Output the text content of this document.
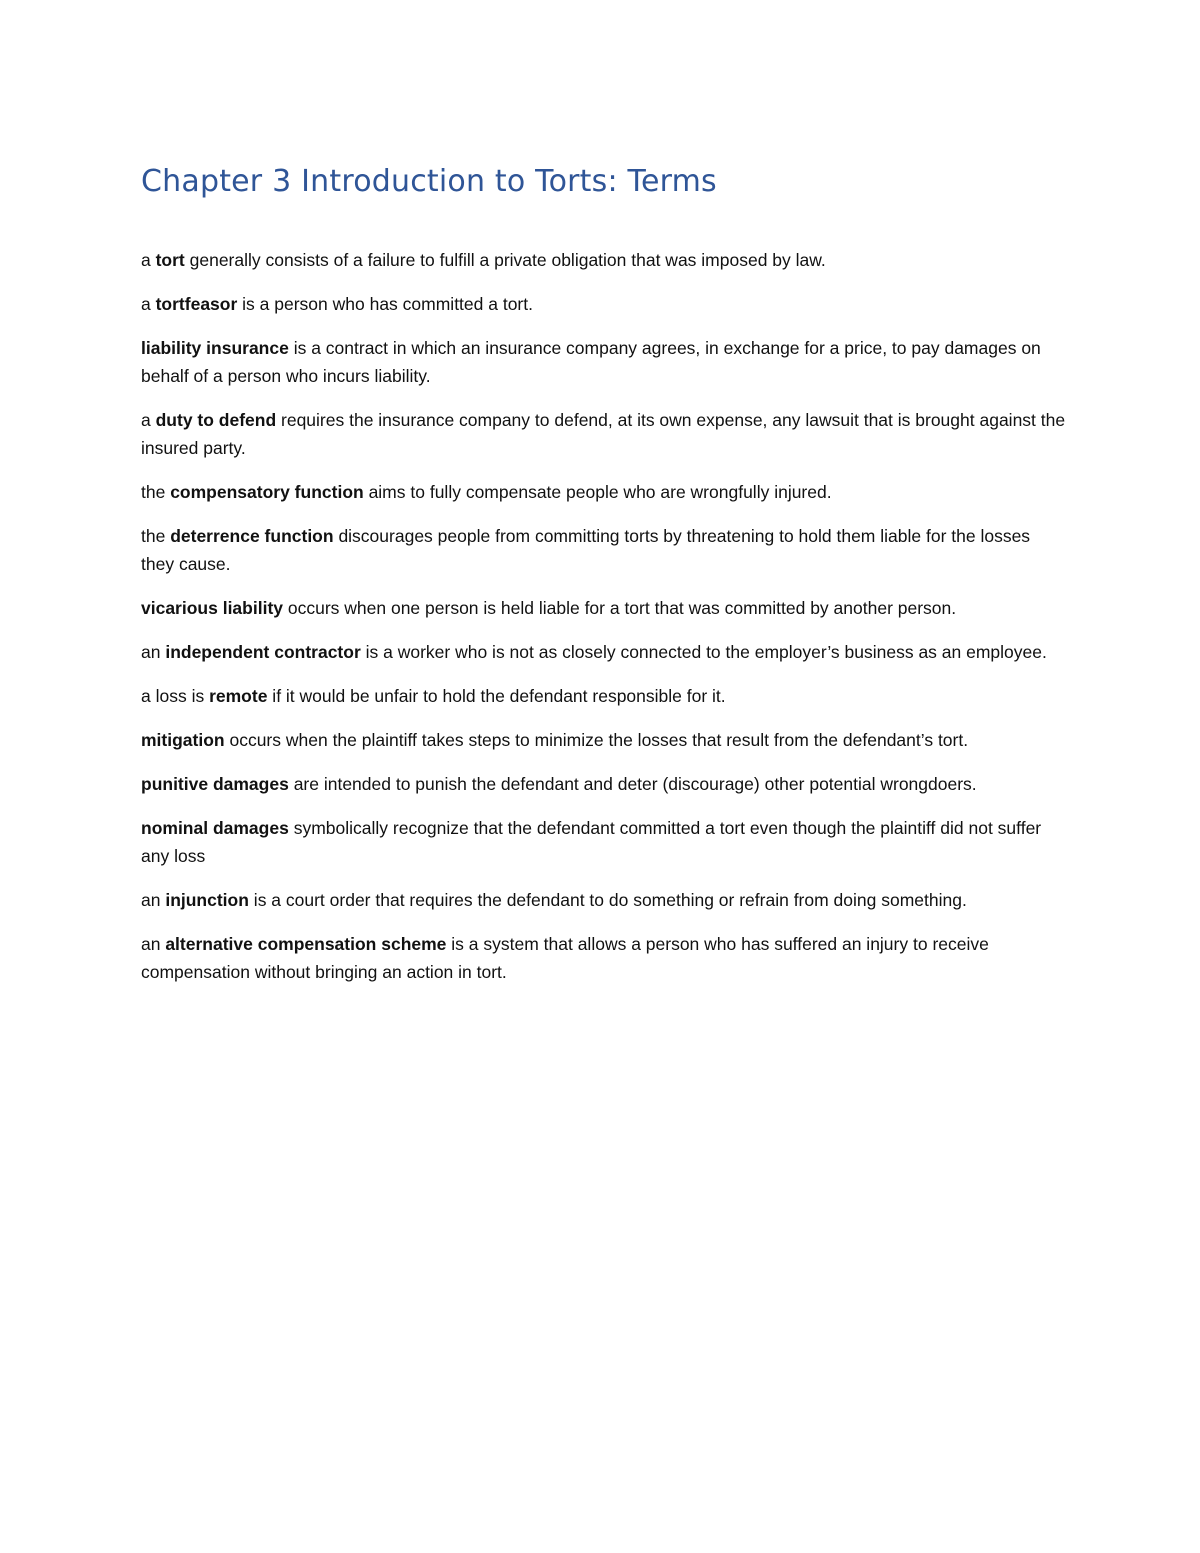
Chapter 3 Introduction to Torts: Terms

a tort generally consists of a failure to fulfill a private obligation that was imposed by law.

a tortfeasor is a person who has committed a tort.

liability insurance is a contract in which an insurance company agrees, in exchange for a price, to pay damages on behalf of a person who incurs liability.

a duty to defend requires the insurance company to defend, at its own expense, any lawsuit that is brought against the insured party.

the compensatory function aims to fully compensate people who are wrongfully injured.

the deterrence function discourages people from committing torts by threatening to hold them liable for the losses they cause.

vicarious liability occurs when one person is held liable for a tort that was committed by another person.

an independent contractor is a worker who is not as closely connected to the employer’s business as an employee.

a loss is remote if it would be unfair to hold the defendant responsible for it.

mitigation occurs when the plaintiff takes steps to minimize the losses that result from the defendant’s tort.

punitive damages are intended to punish the defendant and deter (discourage) other potential wrongdoers.

nominal damages symbolically recognize that the defendant committed a tort even though the plaintiff did not suffer any loss

an injunction is a court order that requires the defendant to do something or refrain from doing something.

an alternative compensation scheme is a system that allows a person who has suffered an injury to receive compensation without bringing an action in tort.
